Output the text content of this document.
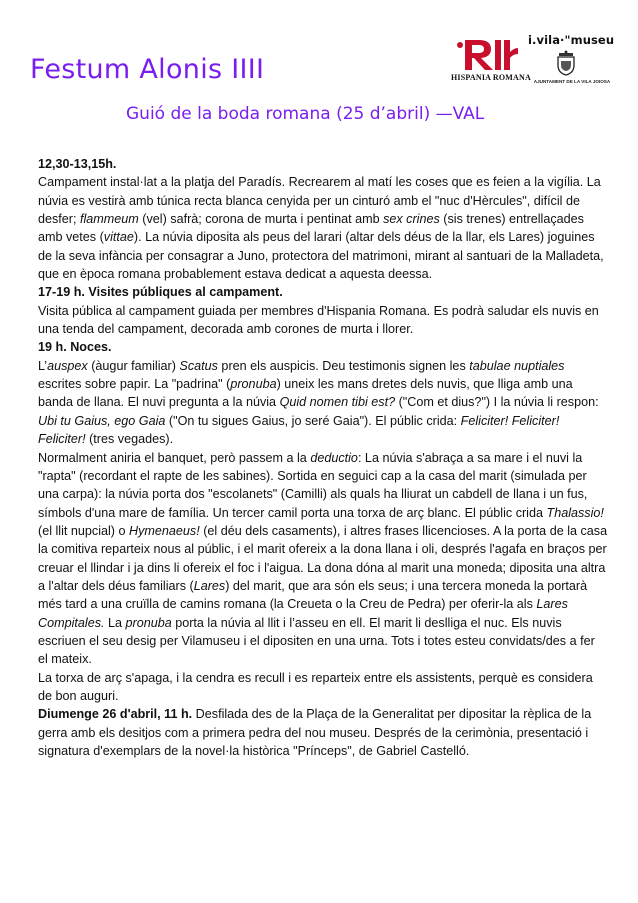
Festum Alonis IIII
Guió de la boda romana (25 d’abril) —VAL
HISPANIA ROMANA
i.vila·"museu
AJUNTAMENT DE LA VILA JOIOSA

12,30-13,15h.
Campament instal·lat a la platja del Paradís. Recrearem al matí les coses que es feien a la vigília. La núvia es vestirà amb túnica recta blanca cenyida per un cinturó amb el "nuc d'Hèrcules", difícil de desfer; flammeum (vel) safrà; corona de murta i pentinat amb sex crines (sis trenes) entrellaçades amb vetes (vittae). La núvia diposita als peus del larari (altar dels déus de la llar, els Lares) joguines de la seva infància per consagrar a Juno, protectora del matrimoni, mirant al santuari de la Malladeta, que en època romana probablement estava dedicat a aquesta deessa.

17-19 h. Visites públiques al campament.
Visita pública al campament guiada per membres d'Hispania Romana. Es podrà saludar els nuvis en una tenda del campament, decorada amb corones de murta i llorer.

19 h. Noces.
L’auspex (àugur familiar) Scatus pren els auspicis. Deu testimonis signen les tabulae nuptiales escrites sobre papir. La "padrina" (pronuba) uneix les mans dretes dels nuvis, que lliga amb una banda de llana. El nuvi pregunta a la núvia Quid nomen tibi est? ("Com et dius?") I la núvia li respon: Ubi tu Gaius, ego Gaia ("On tu sigues Gaius, jo seré Gaia"). El públic crida: Feliciter! Feliciter! Feliciter! (tres vegades).

Normalment aniria el banquet, però passem a la deductio: La núvia s'abraça a sa mare i el nuvi la "rapta" (recordant el rapte de les sabines). Sortida en seguici cap a la casa del marit (simulada per una carpa): la núvia porta dos "escolanets" (Camilli) als quals ha lliurat un cabdell de llana i un fus, símbols d'una mare de família. Un tercer camil porta una torxa de arç blanc. El públic crida Thalassio! (el llit nupcial) o Hymenaeus! (el déu dels casaments), i altres frases llicencioses. A la porta de la casa la comitiva reparteix nous al públic, i el marit ofereix a la dona llana i oli, després l'agafa en braços per creuar el llindar i ja dins li ofereix el foc i l'aigua. La dona dóna al marit una moneda; diposita una altra a l'altar dels déus familiars (Lares) del marit, que ara són els seus; i una tercera moneda la portarà més tard a una cruïlla de camins romana (la Creueta o la Creu de Pedra) per oferir-la als Lares Compitales. La pronuba porta la núvia al llit i l’asseu en ell. El marit li deslliga el nuc. Els nuvis escriuen el seu desig per Vilamuseu i el dipositen en una urna. Tots i totes esteu convidats/des a fer el mateix.

La torxa de arç s'apaga, i la cendra es recull i es reparteix entre els assistents, perquè es considera de bon auguri.

Diumenge 26 d'abril, 11 h. Desfilada des de la Plaça de la Generalitat per dipositar la rèplica de la gerra amb els desitjos com a primera pedra del nou museu. Després de la cerimònia, presentació i signatura d'exemplars de la novel·la històrica "Prínceps", de Gabriel Castelló.
